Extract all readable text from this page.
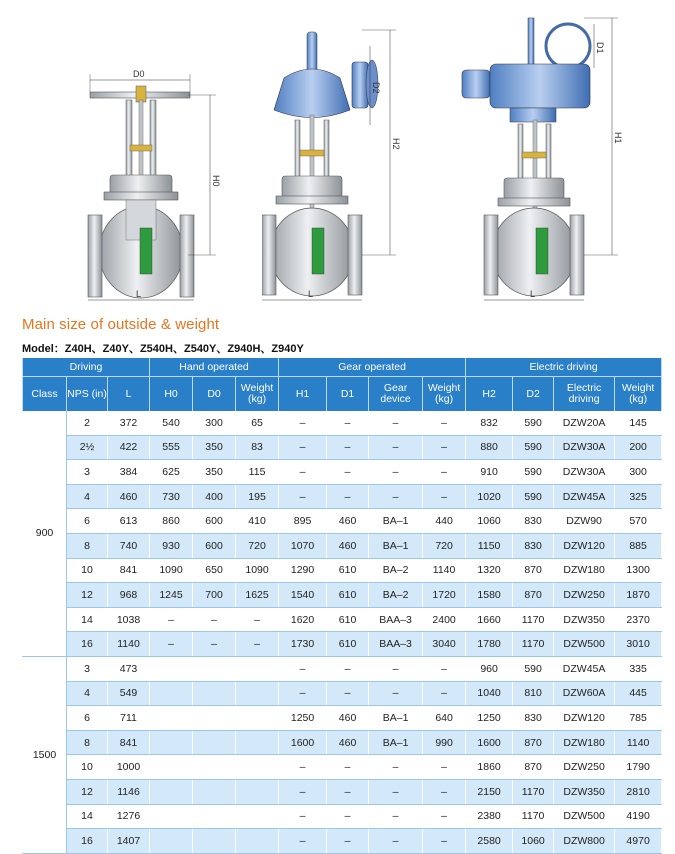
D0
H0
L
D2
H2
L
D1
H1
L
Main size of outside & weight
Model：Z40H、Z40Y、Z540H、Z540Y、Z940H、Z940Y
Driving			Hand operated			Gear operated				Electric driving			
Class	NPS (in)	L	H0	D0	Weight (kg)	H1	D1	Gear device	Weight (kg)	H2	D2	Electric driving	Weight (kg)
900	2	372	540	300	65	–	–	–	–	832	590	DZW20A	145
	2½	422	555	350	83	–	–	–	–	880	590	DZW30A	200
	3	384	625	350	115	–	–	–	–	910	590	DZW30A	300
	4	460	730	400	195	–	–	–	–	1020	590	DZW45A	325
	6	613	860	600	410	895	460	BA–1	440	1060	830	DZW90	570
	8	740	930	600	720	1070	460	BA–1	720	1150	830	DZW120	885
	10	841	1090	650	1090	1290	610	BA–2	1140	1320	870	DZW180	1300
	12	968	1245	700	1625	1540	610	BA–2	1720	1580	870	DZW250	1870
	14	1038	–	–	–	1620	610	BAA–3	2400	1660	1170	DZW350	2370
	16	1140	–	–	–	1730	610	BAA–3	3040	1780	1170	DZW500	3010
1500	3	473				–	–	–	–	960	590	DZW45A	335
	4	549				–	–	–	–	1040	810	DZW60A	445
	6	711				1250	460	BA–1	640	1250	830	DZW120	785
	8	841				1600	460	BA–1	990	1600	870	DZW180	1140
	10	1000				–	–	–	–	1860	870	DZW250	1790
	12	1146				–	–	–	–	2150	1170	DZW350	2810
	14	1276				–	–	–	–	2380	1170	DZW500	4190
	16	1407				–	–	–	–	2580	1060	DZW800	4970
